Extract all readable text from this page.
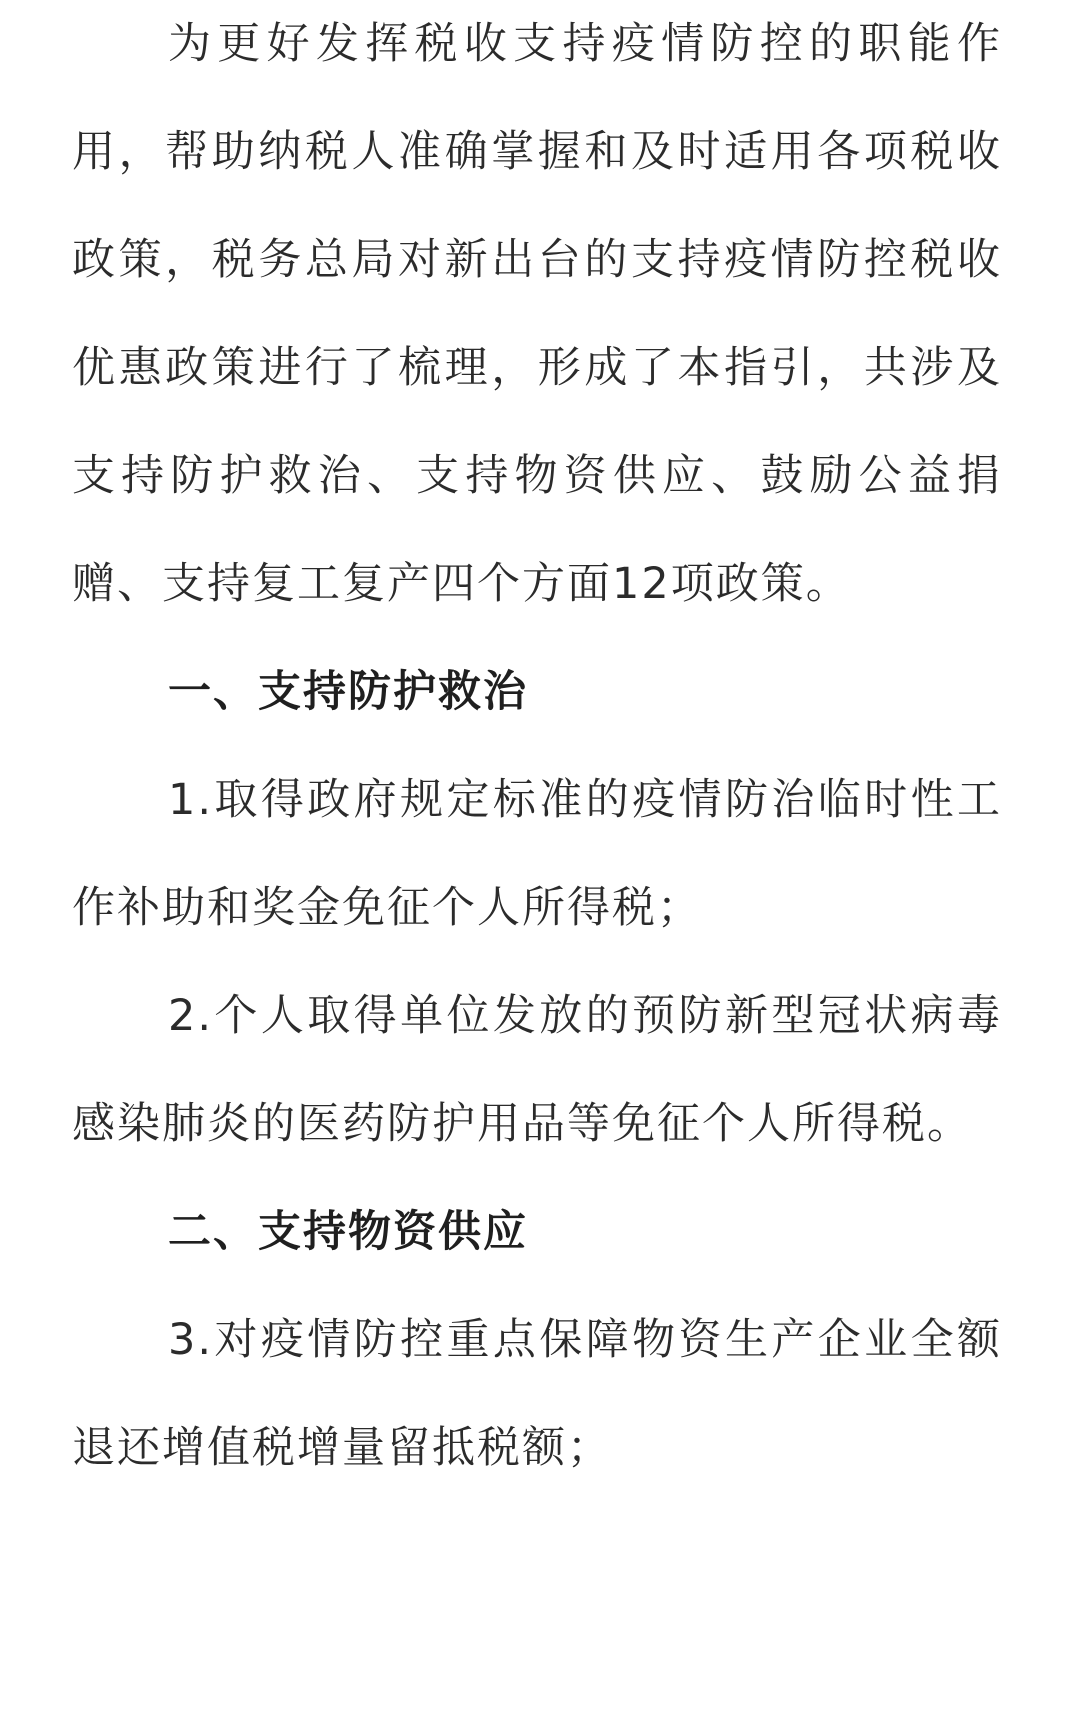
为更好发挥税收支持疫情防控的职能作用，帮助纳税人准确掌握和及时适用各项税收政策，税务总局对新出台的支持疫情防控税收优惠政策进行了梳理，形成了本指引，共涉及支持防护救治、支持物资供应、鼓励公益捐赠、支持复工复产四个方面12项政策。

一、支持防护救治

1.取得政府规定标准的疫情防治临时性工作补助和奖金免征个人所得税；

2.个人取得单位发放的预防新型冠状病毒感染肺炎的医药防护用品等免征个人所得税。

二、支持物资供应

3.对疫情防控重点保障物资生产企业全额退还增值税增量留抵税额；
